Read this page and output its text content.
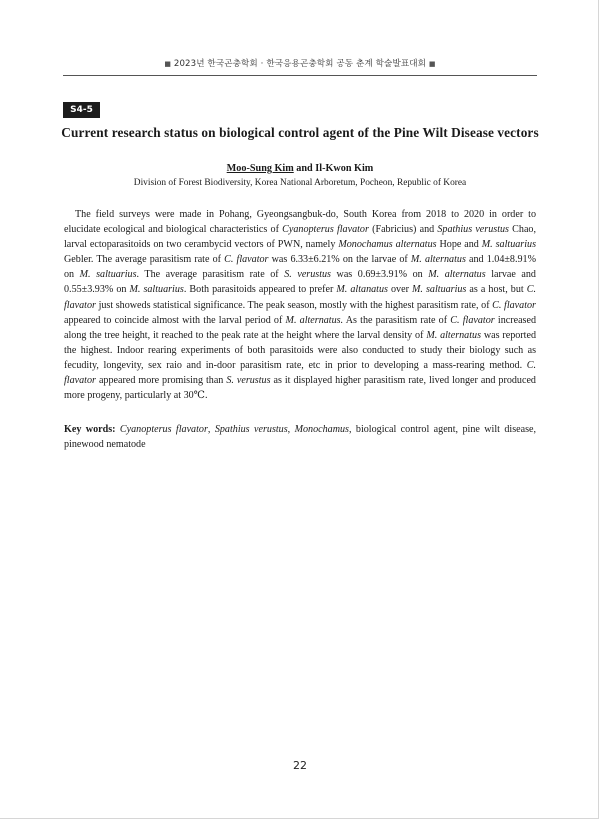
■ 2023년 한국곤충학회 · 한국응용곤충학회 공동 춘계 학술발표대회 ■
S4-5
Current research status on biological control agent of the Pine Wilt Disease vectors
Moo-Sung Kim and Il-Kwon Kim
Division of Forest Biodiversity, Korea National Arboretum, Pocheon, Republic of Korea

The field surveys were made in Pohang, Gyeongsangbuk-do, South Korea from 2018 to 2020 in order to elucidate ecological and biological characteristics of Cyanopterus flavator (Fabricius) and Spathius verustus Chao, larval ectoparasitoids on two cerambycid vectors of PWN, namely Monochamus alternatus Hope and M. saltuarius Gebler. The average parasitism rate of C. flavator was 6.33±6.21% on the larvae of M. alternatus and 1.04±8.91% on M. saltuarius. The average parasitism rate of S. verustus was 0.69±3.91% on M. alternatus larvae and 0.55±3.93% on M. saltuarius. Both parasitoids appeared to prefer M. altanatus over M. saltuarius as a host, but C. flavator just showeds statistical significance. The peak season, mostly with the highest parasitism rate, of C. flavator appeared to coincide almost with the larval period of M. alternatus. As the parasitism rate of C. flavator increased along the tree height, it reached to the peak rate at the height where the larval density of M. alternatus was reported the highest. Indoor rearing experiments of both parasitoids were also conducted to study their biology such as fecudity, longevity, sex raio and in-door parasitism rate, etc in prior to developing a mass-rearing method. C. flavator appeared more promising than S. verustus as it displayed higher parasitism rate, lived longer and produced more progeny, particularly at 30℃.

Key words: Cyanopterus flavator, Spathius verustus, Monochamus, biological control agent, pine wilt disease, pinewood nematode

22
